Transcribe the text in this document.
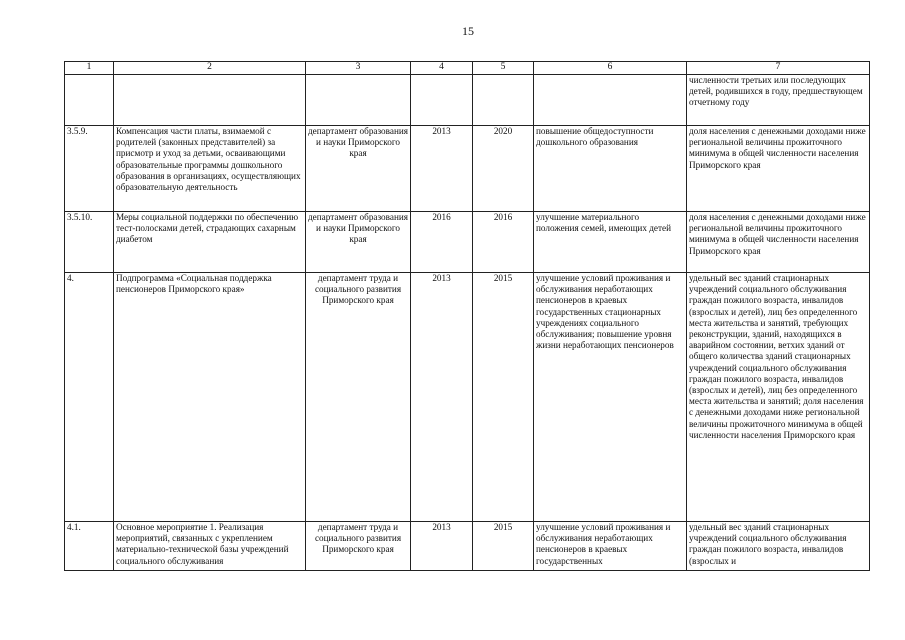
15
1	2	3	4	5	6	7
						численности третьих или последующих детей, родившихся в году, предшествующем отчетному году
3.5.9.	Компенсация части платы, взимаемой с родителей (законных представителей) за присмотр и уход за детьми, осваивающими образовательные программы дошкольного образования в организациях, осуществляющих образовательную деятельность	департамент образования и науки Приморского края	2013	2020	повышение общедоступности дошкольного образования	доля населения с денежными доходами ниже региональной величины прожиточного минимума в общей численности населения Приморского края
3.5.10.	Меры социальной поддержки по обеспечению тест-полосками детей, страдающих сахарным диабетом	департамент образования и науки Приморского края	2016	2016	улучшение материального положения семей, имеющих детей	доля населения с денежными доходами ниже региональной величины прожиточного минимума в общей численности населения Приморского края
4.	Подпрограмма «Социальная поддержка пенсионеров Приморского края»	департамент труда и социального развития Приморского края	2013	2015	улучшение условий проживания и обслуживания неработающих пенсионеров в краевых государственных стационарных учреждениях социального обслуживания; повышение уровня жизни неработающих пенсионеров	удельный вес зданий стационарных учреждений социального обслуживания граждан пожилого возраста, инвалидов (взрослых и детей), лиц без определенного места жительства и занятий, требующих реконструкции, зданий, находящихся в аварийном состоянии, ветхих зданий от общего количества зданий стационарных учреждений социального обслуживания граждан пожилого возраста, инвалидов (взрослых и детей), лиц без определенного места жительства и занятий; доля населения с денежными доходами ниже региональной величины прожиточного минимума в общей численности населения Приморского края
4.1.	Основное мероприятие 1. Реализация мероприятий, связанных с укреплением материально-технической базы учреждений социального обслуживания	департамент труда и социального развития Приморского края	2013	2015	улучшение условий проживания и обслуживания неработающих пенсионеров в краевых государственных	удельный вес зданий стационарных учреждений социального обслуживания граждан пожилого возраста, инвалидов (взрослых и
